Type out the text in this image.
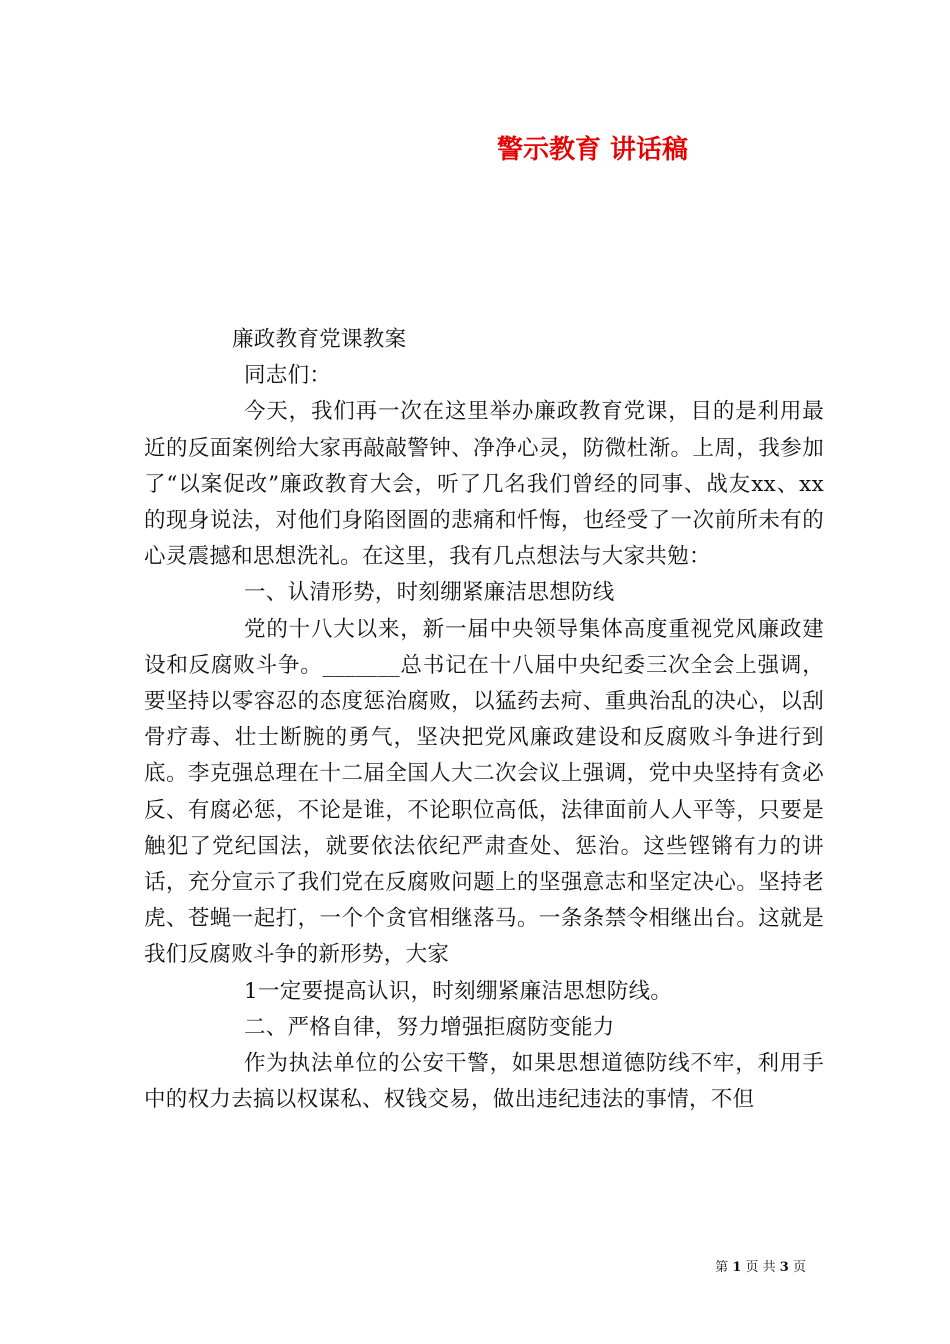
警示教育 讲话稿

廉政教育党课教案

同志们：

今天，我们再一次在这里举办廉政教育党课，目的是利用最近的反面案例给大家再敲敲警钟、净净心灵，防微杜渐。上周，我参加了“以案促改”廉政教育大会，听了几名我们曾经的同事、战友xx、xx的现身说法，对他们身陷囹圄的悲痛和忏悔，也经受了一次前所未有的心灵震撼和思想洗礼。在这里，我有几点想法与大家共勉：

一、认清形势，时刻绷紧廉洁思想防线

党的十八大以来，新一届中央领导集体高度重视党风廉政建设和反腐败斗争。_______总书记在十八届中央纪委三次全会上强调，要坚持以零容忍的态度惩治腐败，以猛药去疴、重典治乱的决心，以刮骨疗毒、壮士断腕的勇气，坚决把党风廉政建设和反腐败斗争进行到底。李克强总理在十二届全国人大二次会议上强调，党中央坚持有贪必反、有腐必惩，不论是谁，不论职位高低，法律面前人人平等，只要是触犯了党纪国法，就要依法依纪严肃查处、惩治。这些铿锵有力的讲话，充分宣示了我们党在反腐败问题上的坚强意志和坚定决心。坚持老虎、苍蝇一起打，一个个贪官相继落马。一条条禁令相继出台。这就是我们反腐败斗争的新形势，大家

1一定要提高认识，时刻绷紧廉洁思想防线。

二、严格自律，努力增强拒腐防变能力

作为执法单位的公安干警，如果思想道德防线不牢，利用手中的权力去搞以权谋私、权钱交易，做出违纪违法的事情，不但

第 1 页 共 3 页
